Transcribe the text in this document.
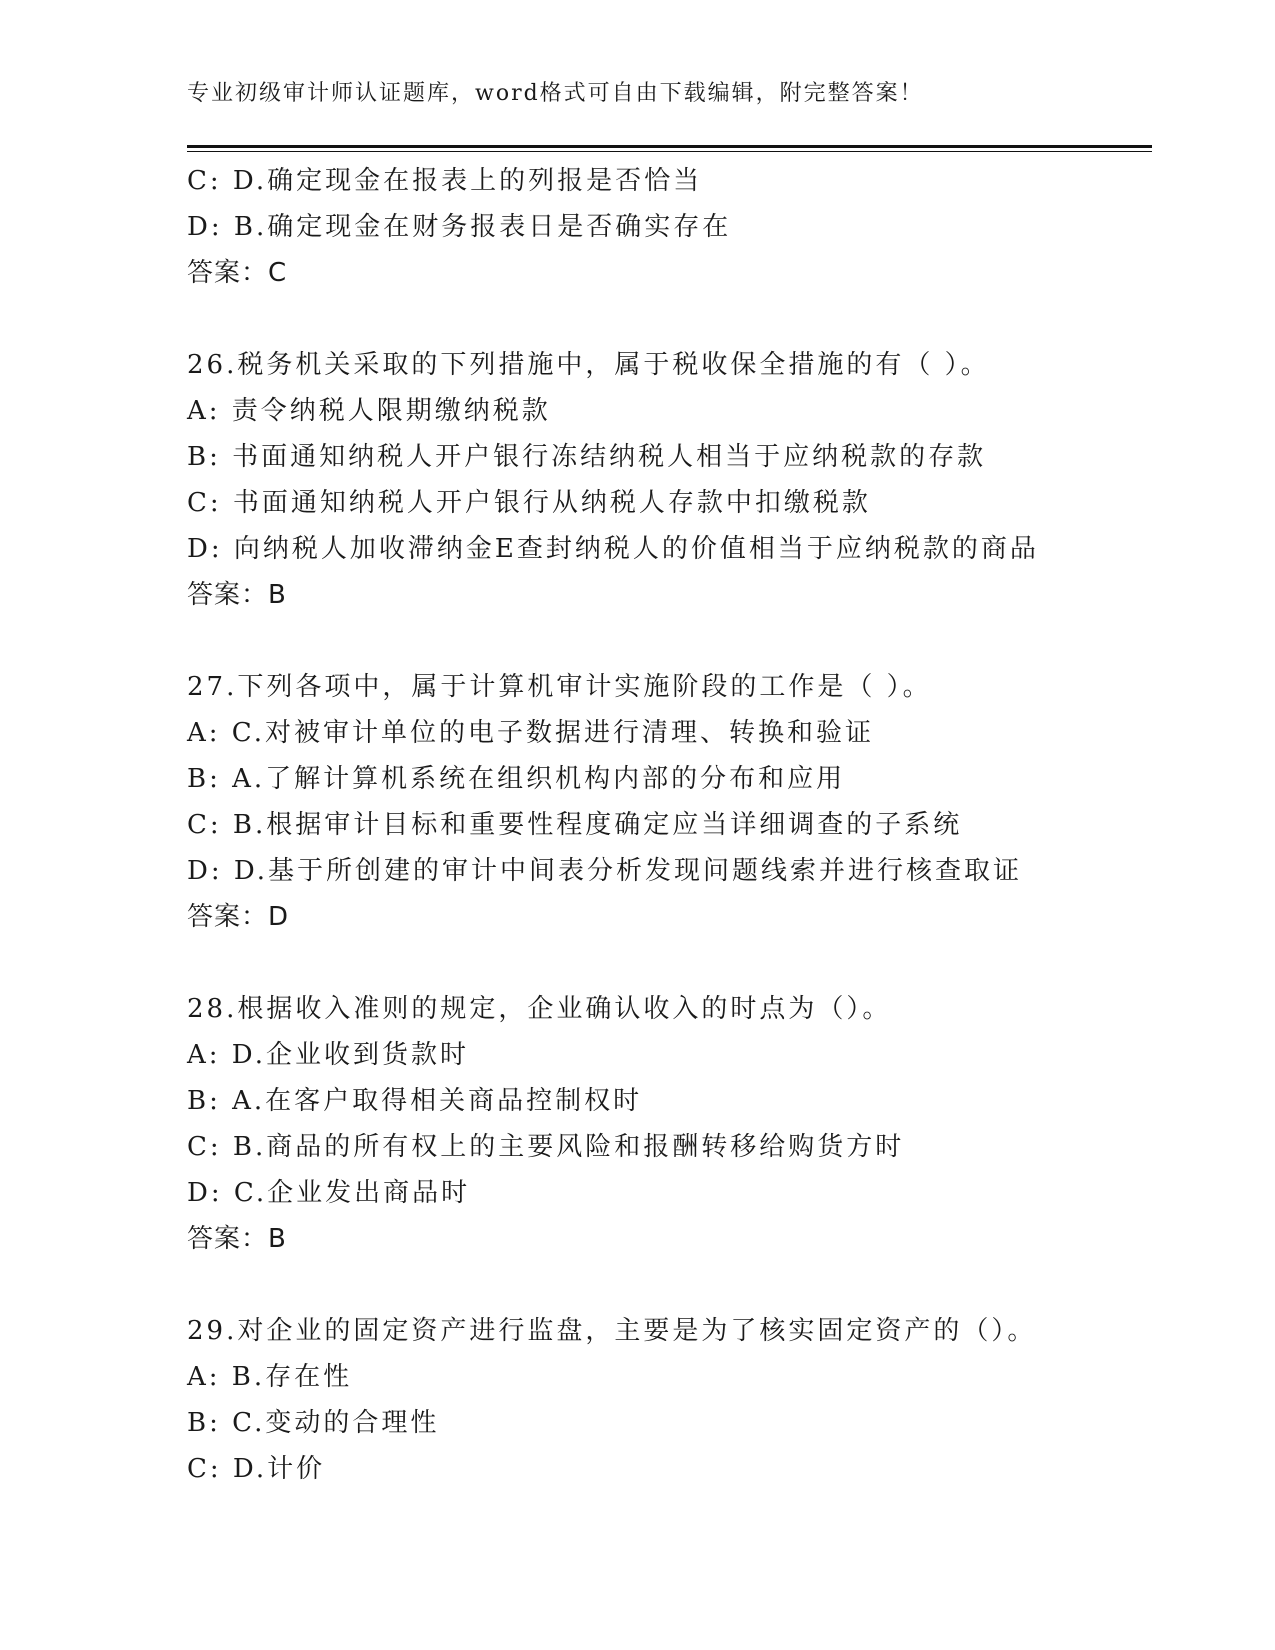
专业初级审计师认证题库，word格式可自由下载编辑，附完整答案！
C: D.确定现金在报表上的列报是否恰当
D: B.确定现金在财务报表日是否确实存在
答案：C
26.税务机关采取的下列措施中，属于税收保全措施的有（ ）。
A: 责令纳税人限期缴纳税款
B: 书面通知纳税人开户银行冻结纳税人相当于应纳税款的存款
C: 书面通知纳税人开户银行从纳税人存款中扣缴税款
D: 向纳税人加收滞纳金E查封纳税人的价值相当于应纳税款的商品
答案：B
27.下列各项中，属于计算机审计实施阶段的工作是（ ）。
A: C.对被审计单位的电子数据进行清理、转换和验证
B: A.了解计算机系统在组织机构内部的分布和应用
C: B.根据审计目标和重要性程度确定应当详细调查的子系统
D: D.基于所创建的审计中间表分析发现问题线索并进行核查取证
答案：D
28.根据收入准则的规定，企业确认收入的时点为（）。
A: D.企业收到货款时
B: A.在客户取得相关商品控制权时
C: B.商品的所有权上的主要风险和报酬转移给购货方时
D: C.企业发出商品时
答案：B
29.对企业的固定资产进行监盘，主要是为了核实固定资产的（）。
A: B.存在性
B: C.变动的合理性
C: D.计价
